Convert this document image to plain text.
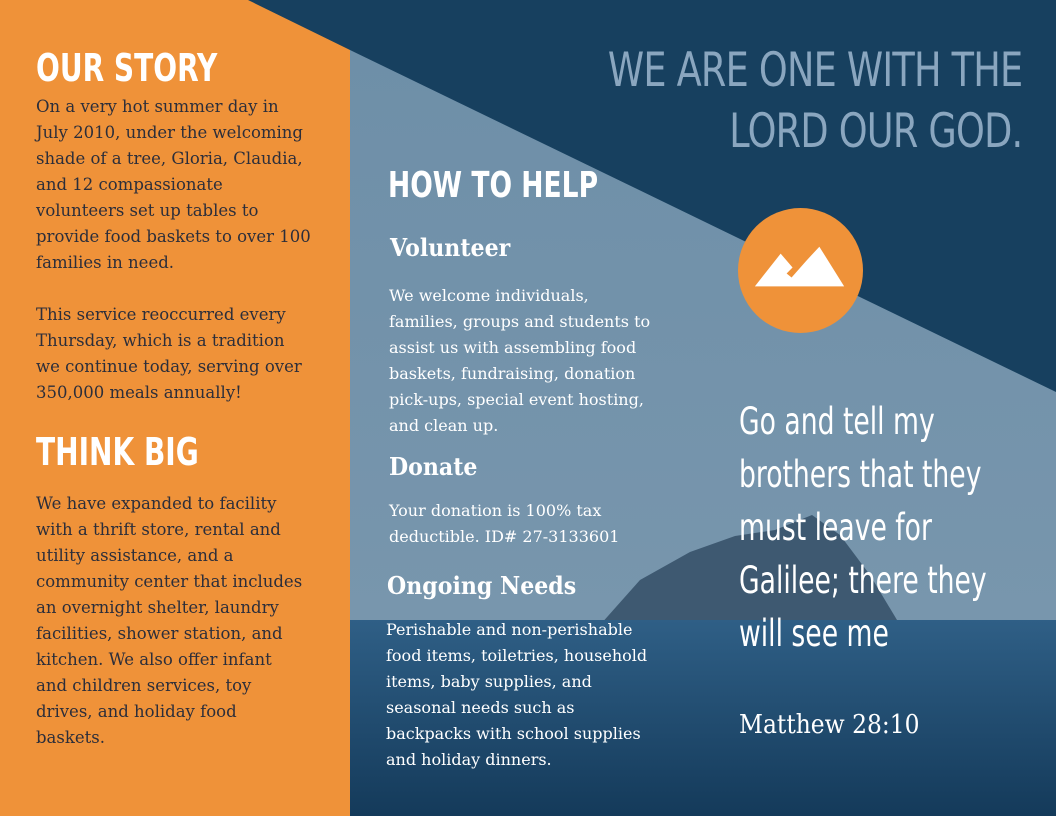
WE ARE ONE WITH THE
LORD OUR GOD.
OUR STORY

On a very hot summer day in
July 2010, under the welcoming
shade of a tree, Gloria, Claudia,
and 12 compassionate
volunteers set up tables to
provide food baskets to over 100
families in need.

This service reoccurred every
Thursday, which is a tradition
we continue today, serving over
350,000 meals annually!

THINK BIG

We have expanded to facility
with a thrift store, rental and
utility assistance, and a
community center that includes
an overnight shelter, laundry
facilities, shower station, and
kitchen. We also offer infant
and children services, toy
drives, and holiday food
baskets.

HOW TO HELP
Volunteer

We welcome individuals,
families, groups and students to
assist us with assembling food
baskets, fundraising, donation
pick-ups, special event hosting,
and clean up.

Donate

Your donation is 100% tax
deductible. ID# 27-3133601

Ongoing Needs

Perishable and non-perishable
food items, toiletries, household
items, baby supplies, and
seasonal needs such as
backpacks with school supplies
and holiday dinners.

Go and tell my
brothers that they
must leave for
Galilee; there they
will see me
Matthew 28:10
